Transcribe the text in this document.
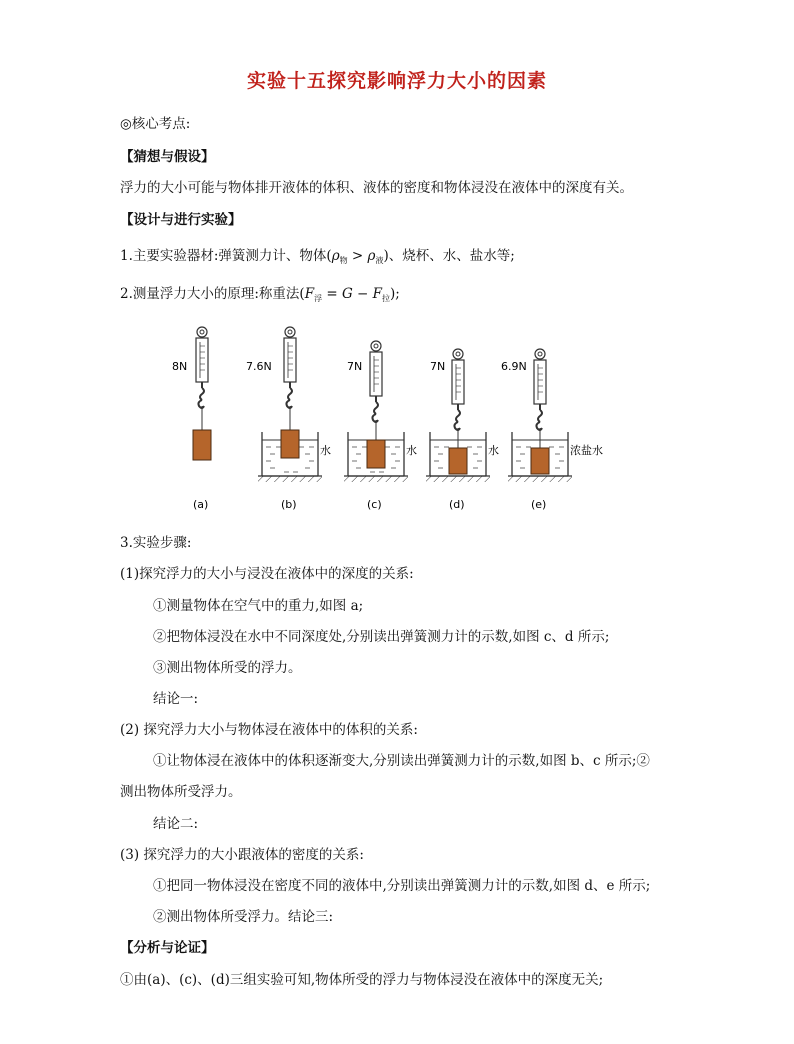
实验十五探究影响浮力大小的因素
◎核心考点:
【猜想与假设】
浮力的大小可能与物体排开液体的体积、液体的密度和物体浸没在液体中的深度有关。
【设计与进行实验】
1.主要实验器材:弹簧测力计、物体$(\rho_物 > \rho_液)$、烧杯、水、盐水等;
2.测量浮力大小的原理:称重法$(F_浮 = G - F_拉)$;
8N
(a)
7.6N
水
(b)
7N
水
(c)
7N
水
(d)
6.9N
浓盐水
(e)
3.实验步骤:
(1)探究浮力的大小与浸没在液体中的深度的关系:
①测量物体在空气中的重力,如图 a;
②把物体浸没在水中不同深度处,分别读出弹簧测力计的示数,如图 c、d 所示;
③测出物体所受的浮力。
结论一:
(2) 探究浮力大小与物体浸在液体中的体积的关系:
①让物体浸在液体中的体积逐渐变大,分别读出弹簧测力计的示数,如图 b、c 所示;②
测出物体所受浮力。
结论二:
(3) 探究浮力的大小跟液体的密度的关系:
①把同一物体浸没在密度不同的液体中,分别读出弹簧测力计的示数,如图 d、e 所示;
②测出物体所受浮力。结论三:
【分析与论证】
①由(a)、(c)、(d)三组实验可知,物体所受的浮力与物体浸没在液体中的深度无关;
